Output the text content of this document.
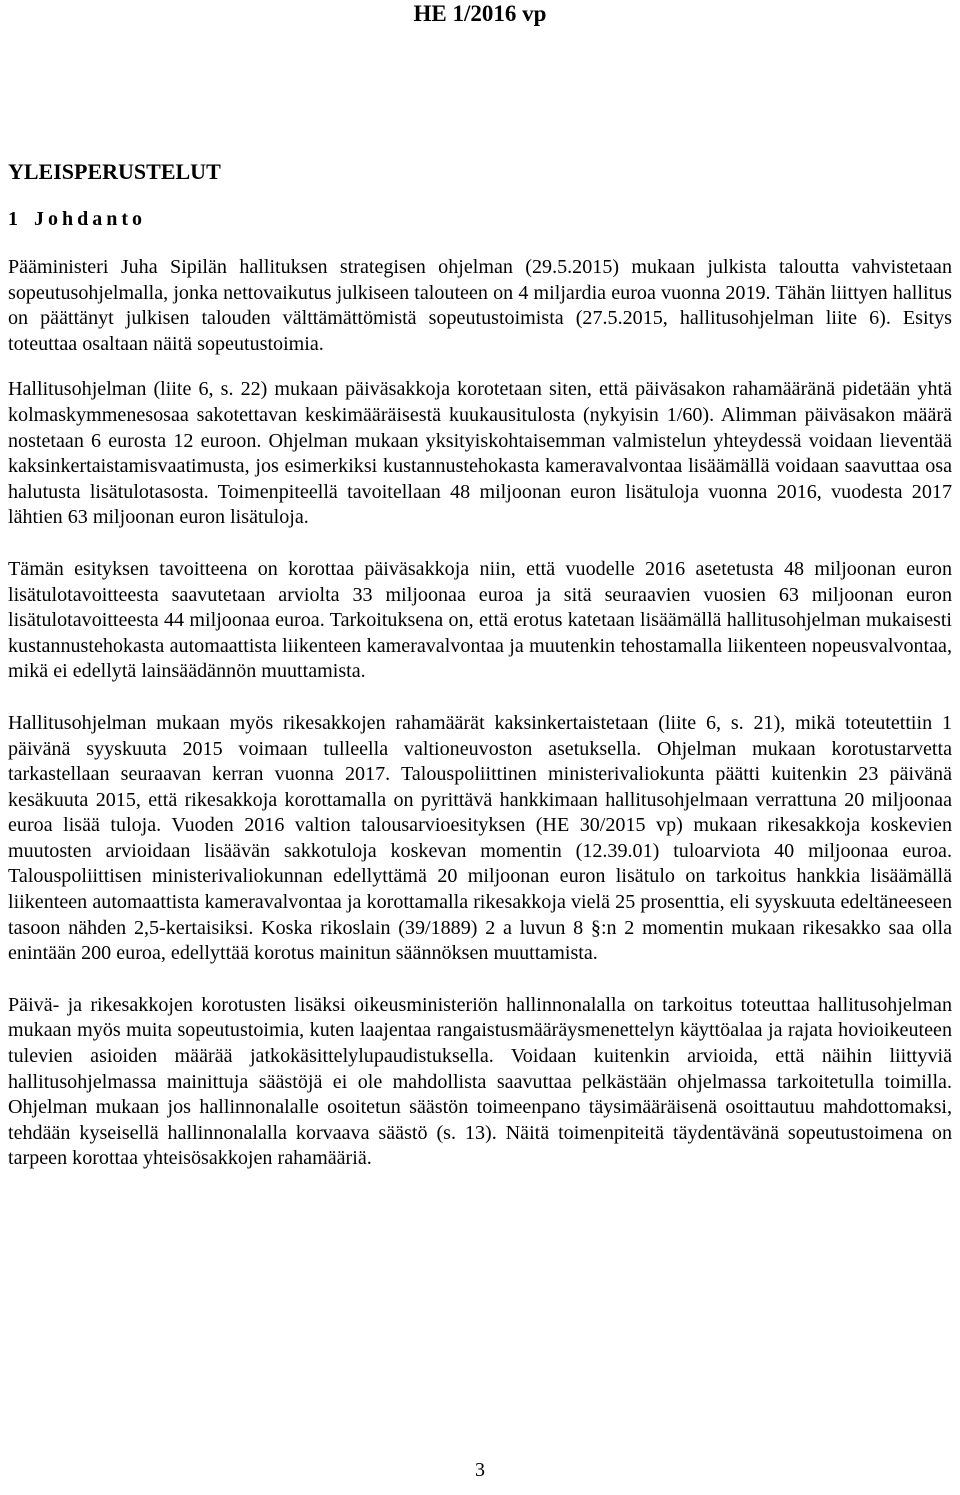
HE 1/2016 vp
YLEISPERUSTELUT
1 Johdanto

Pääministeri Juha Sipilän hallituksen strategisen ohjelman (29.5.2015) mukaan julkista taloutta vahvistetaan sopeutusohjelmalla, jonka nettovaikutus julkiseen talouteen on 4 miljardia euroa vuonna 2019. Tähän liittyen hallitus on päättänyt julkisen talouden välttämättömistä sopeutustoimista (27.5.2015, hallitusohjelman liite 6). Esitys toteuttaa osaltaan näitä sopeutustoimia.

Hallitusohjelman (liite 6, s. 22) mukaan päiväsakkoja korotetaan siten, että päiväsakon rahamääränä pidetään yhtä kolmaskymmenesosaa sakotettavan keskimääräisestä kuukausitulosta (nykyisin 1/60). Alimman päiväsakon määrä nostetaan 6 eurosta 12 euroon. Ohjelman mukaan yksityiskohtaisemman valmistelun yhteydessä voidaan lieventää kaksinkertaistamisvaatimusta, jos esimerkiksi kustannustehokasta kameravalvontaa lisäämällä voidaan saavuttaa osa halutusta lisätulotasosta. Toimenpiteellä tavoitellaan 48 miljoonan euron lisätuloja vuonna 2016, vuodesta 2017 lähtien 63 miljoonan euron lisätuloja.

Tämän esityksen tavoitteena on korottaa päiväsakkoja niin, että vuodelle 2016 asetetusta 48 miljoonan euron lisätulotavoitteesta saavutetaan arviolta 33 miljoonaa euroa ja sitä seuraavien vuosien 63 miljoonan euron lisätulotavoitteesta 44 miljoonaa euroa. Tarkoituksena on, että erotus katetaan lisäämällä hallitusohjelman mukaisesti kustannustehokasta automaattista liikenteen kameravalvontaa ja muutenkin tehostamalla liikenteen nopeusvalvontaa, mikä ei edellytä lainsäädännön muuttamista.

Hallitusohjelman mukaan myös rikesakkojen rahamäärät kaksinkertaistetaan (liite 6, s. 21), mikä toteutettiin 1 päivänä syyskuuta 2015 voimaan tulleella valtioneuvoston asetuksella. Ohjelman mukaan korotustarvetta tarkastellaan seuraavan kerran vuonna 2017. Talouspoliittinen ministerivaliokunta päätti kuitenkin 23 päivänä kesäkuuta 2015, että rikesakkoja korottamalla on pyrittävä hankkimaan hallitusohjelmaan verrattuna 20 miljoonaa euroa lisää tuloja. Vuoden 2016 valtion talousarvioesityksen (HE 30/2015 vp) mukaan rikesakkoja koskevien muutosten arvioidaan lisäävän sakkotuloja koskevan momentin (12.39.01) tuloarviota 40 miljoonaa euroa. Talouspoliittisen ministerivaliokunnan edellyttämä 20 miljoonan euron lisätulo on tarkoitus hankkia lisäämällä liikenteen automaattista kameravalvontaa ja korottamalla rikesakkoja vielä 25 prosenttia, eli syyskuuta edeltäneeseen tasoon nähden 2,5-kertaisiksi. Koska rikoslain (39/1889) 2 a luvun 8 §:n 2 momentin mukaan rikesakko saa olla enintään 200 euroa, edellyttää korotus mainitun säännöksen muuttamista.

Päivä- ja rikesakkojen korotusten lisäksi oikeusministeriön hallinnonalalla on tarkoitus toteuttaa hallitusohjelman mukaan myös muita sopeutustoimia, kuten laajentaa rangaistusmääräysmenettelyn käyttöalaa ja rajata hovioikeuteen tulevien asioiden määrää jatkokäsittelylupaudistuksella. Voidaan kuitenkin arvioida, että näihin liittyviä hallitusohjelmassa mainittuja säästöjä ei ole mahdollista saavuttaa pelkästään ohjelmassa tarkoitetulla toimilla. Ohjelman mukaan jos hallinnonalalle osoitetun säästön toimeenpano täysimääräisenä osoittautuu mahdottomaksi, tehdään kyseisellä hallinnonalalla korvaava säästö (s. 13). Näitä toimenpiteitä täydentävänä sopeutustoimena on tarpeen korottaa yhteisösakkojen rahamääriä.

3
